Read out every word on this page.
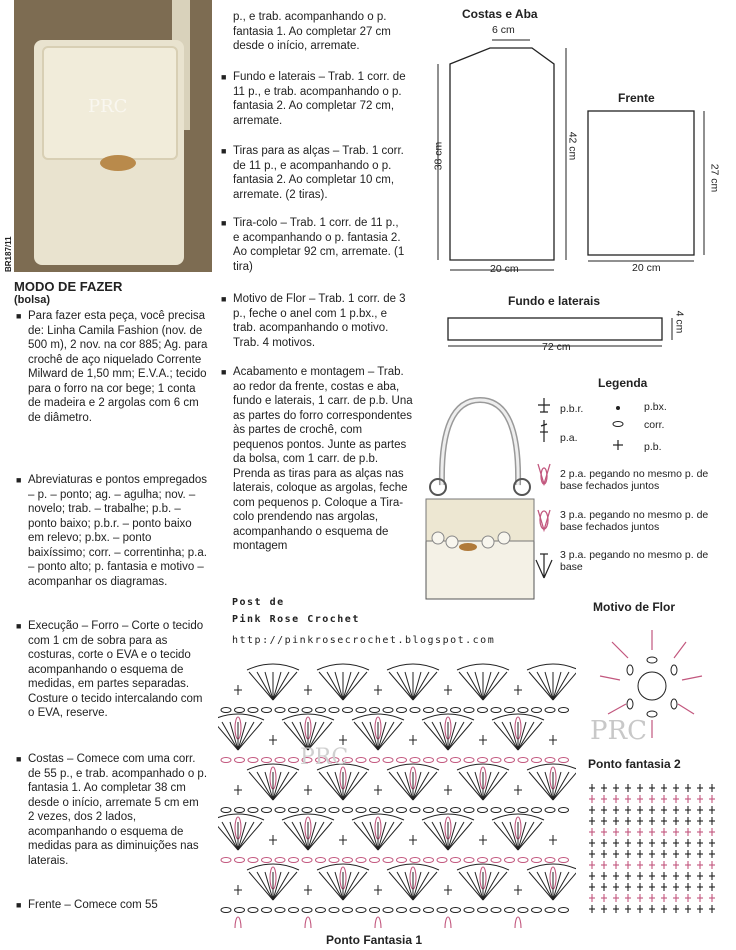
PRC
BR187/11
MODO DE FAZER
(bolsa)
■ Para fazer esta peça, você precisa de: Linha Camila Fashion (nov. de 500 m), 2 nov. na cor 885; Ag. para crochê de aço niquelado Corrente Milward de 1,50 mm; E.V.A.; tecido para o forro na cor bege; 1 conta de madeira e 2 argolas com 6 cm de diâmetro.
■ Abreviaturas e pontos empregados – p. – ponto; ag. – agulha; nov. – novelo; trab. – trabalhe; p.b. – ponto baixo; p.b.r. – ponto baixo em relevo; p.bx. – ponto baixíssimo; corr. – correntinha; p.a. – ponto alto; p. fantasia e motivo – acompanhar os diagramas.
■ Execução – Forro – Corte o tecido com 1 cm de sobra para as costuras, corte o EVA e o tecido acompanhando o esquema de medidas, em partes separadas. Costure o tecido intercalando com o EVA, reserve.
■ Costas – Comece com uma corr. de 55 p., e trab. acompanhado o p. fantasia 1. Ao completar 38 cm desde o início, arremate 5 cm em 2 vezes, dos 2 lados, acompanhando o esquema de medidas para as diminuições nas laterais.
■ Frente – Comece com 55
p., e trab. acompanhando o p. fantasia 1. Ao completar 27 cm desde o início, arremate.
■ Fundo e laterais – Trab. 1 corr. de 11 p., e trab. acompanhando o p. fantasia 2. Ao completar 72 cm, arremate.
■ Tiras para as alças – Trab. 1 corr. de 11 p., e acompanhando o p. fantasia 2. Ao completar 10 cm, arremate. (2 tiras).
■ Tira-colo – Trab. 1 corr. de 11 p., e acompanhando o p. fantasia 2. Ao completar 92 cm, arremate. (1 tira)
■ Motivo de Flor – Trab. 1 corr. de 3 p., feche o anel com 1 p.bx., e trab. acompanhando o motivo. Trab. 4 motivos.
■ Acabamento e montagem – Trab. ao redor da frente, costas e aba, fundo e laterais, 1 carr. de p.b. Una as partes do forro correspondentes às partes de crochê, com pequenos pontos. Junte as partes da bolsa, com 1 carr. de p.b. Prenda as tiras para as alças nas laterais, coloque as argolas, feche com pequenos p. Coloque a Tira-colo prendendo nas argolas, acompanhando o esquema de montagem
Post de
Pink Rose Crochet
http://pinkrosecrochet.blogspot.com
Costas e Aba
6 cm
38 cm	42 cm
20 cm
Frente
27 cm
20 cm
Fundo e laterais
4 cm
72 cm
Legenda
p.b.r.	p.bx.
corr.
p.a.
p.b.
2 p.a. pegando no mesmo p. de base fechados juntos
3 p.a. pegando no mesmo p. de base fechados juntos
3 p.a. pegando no mesmo p. de base
Motivo de Flor
PRC
Ponto fantasia 2
PRC
Ponto Fantasia 1
